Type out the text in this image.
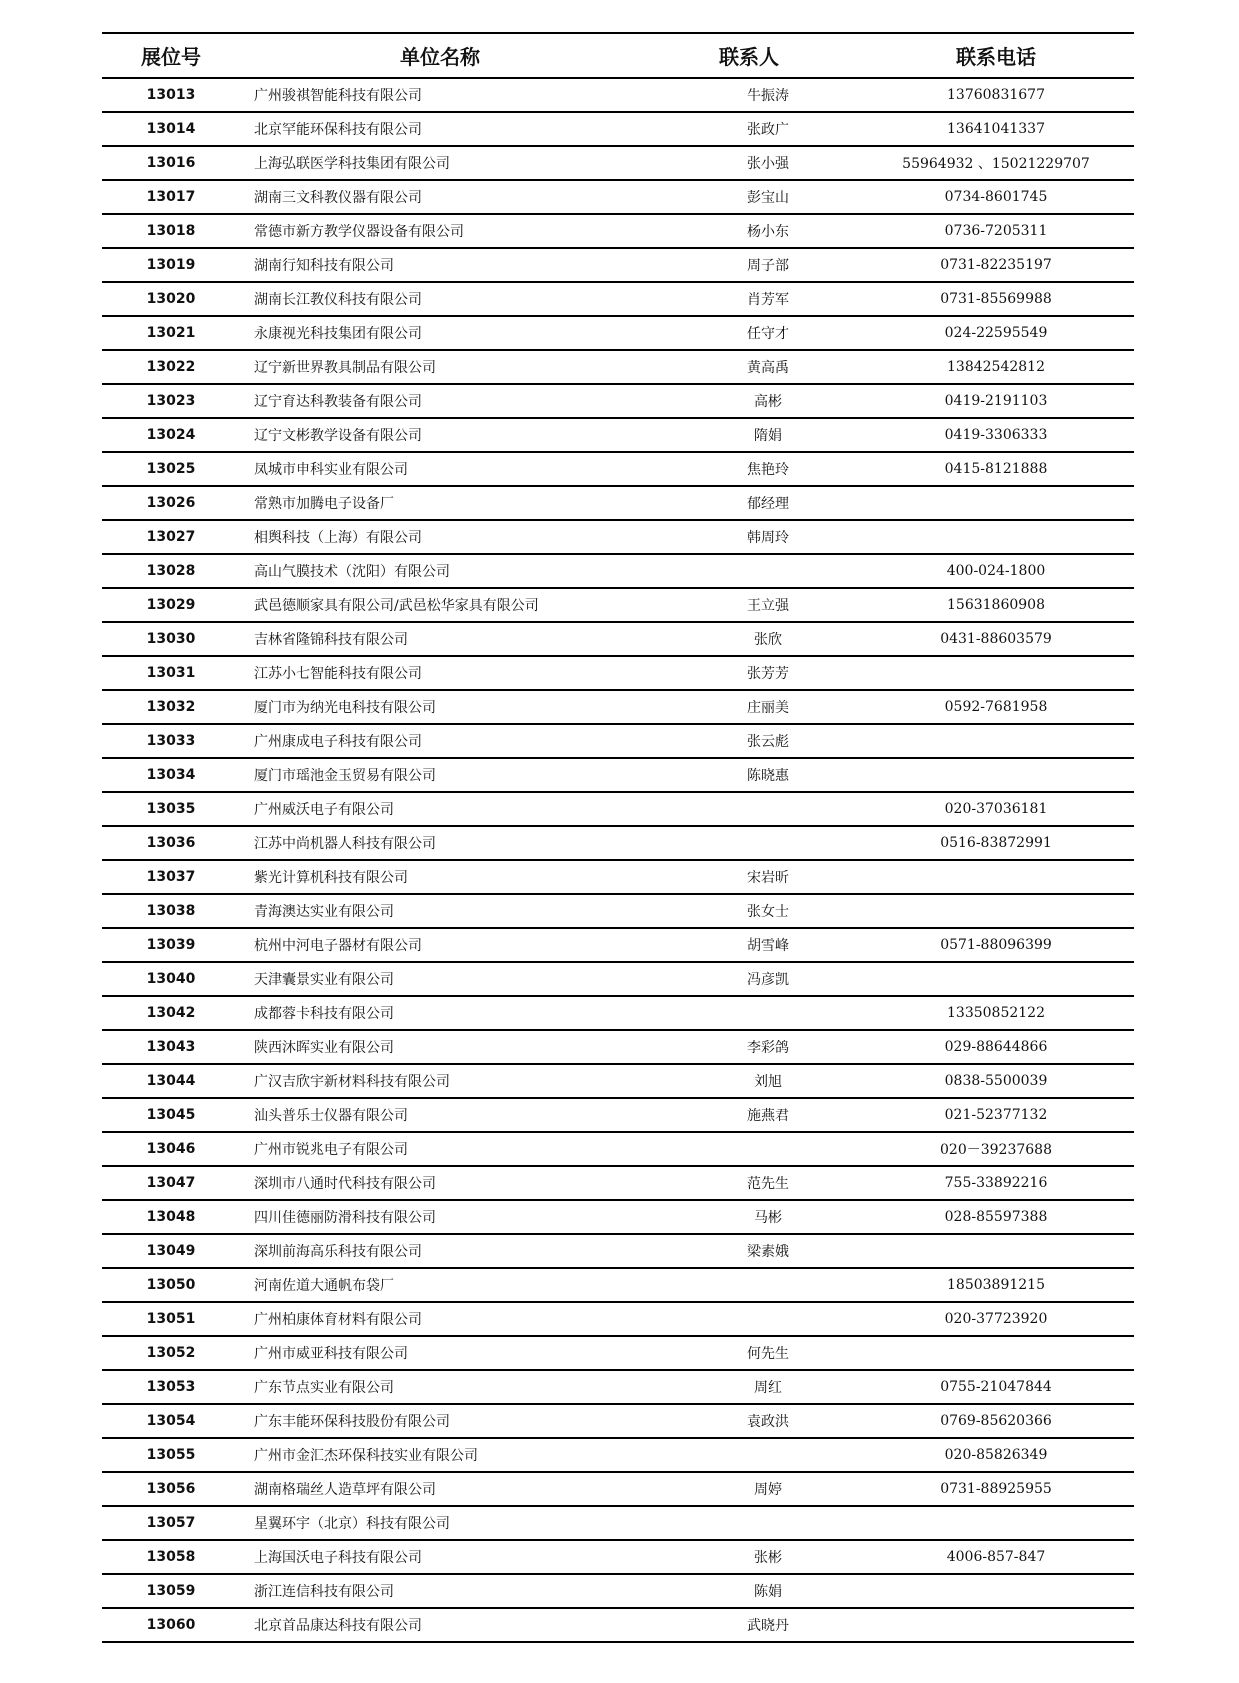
展位号	单位名称	联系人	联系电话
13013	广州骏祺智能科技有限公司	牛振涛	13760831677
13014	北京罕能环保科技有限公司	张政广	13641041337
13016	上海弘联医学科技集团有限公司	张小强	55964932 、15021229707
13017	湖南三文科教仪器有限公司	彭宝山	0734-8601745
13018	常德市新方教学仪器设备有限公司	杨小东	0736-7205311
13019	湖南行知科技有限公司	周子部	0731-82235197
13020	湖南长江教仪科技有限公司	肖芳军	0731-85569988
13021	永康视光科技集团有限公司	任守才	024-22595549
13022	辽宁新世界教具制品有限公司	黄高禹	13842542812
13023	辽宁育达科教装备有限公司	高彬	0419-2191103
13024	辽宁文彬教学设备有限公司	隋娟	0419-3306333
13025	凤城市申科实业有限公司	焦艳玲	0415-8121888
13026	常熟市加腾电子设备厂	郁经理	
13027	相舆科技（上海）有限公司	韩周玲	
13028	高山气膜技术（沈阳）有限公司		400-024-1800
13029	武邑德顺家具有限公司/武邑松华家具有限公司	王立强	15631860908
13030	吉林省隆锦科技有限公司	张欣	0431-88603579
13031	江苏小七智能科技有限公司	张芳芳	
13032	厦门市为纳光电科技有限公司	庄丽美	0592-7681958
13033	广州康成电子科技有限公司	张云彪	
13034	厦门市瑶池金玉贸易有限公司	陈晓惠	
13035	广州威沃电子有限公司		020-37036181
13036	江苏中尚机器人科技有限公司		0516-83872991
13037	紫光计算机科技有限公司	宋岩昕	
13038	青海澳达实业有限公司	张女士	
13039	杭州中河电子器材有限公司	胡雪峰	0571-88096399
13040	天津囊景实业有限公司	冯彦凯	
13042	成都蓉卡科技有限公司		13350852122
13043	陕西沐晖实业有限公司	李彩鸽	029-88644866
13044	广汉吉欣宇新材料科技有限公司	刘旭	0838-5500039
13045	汕头普乐士仪器有限公司	施燕君	021-52377132
13046	广州市锐兆电子有限公司		020－39237688
13047	深圳市八通时代科技有限公司	范先生	755-33892216
13048	四川佳德丽防滑科技有限公司	马彬	028-85597388
13049	深圳前海高乐科技有限公司	梁素娥	
13050	河南佐道大通帆布袋厂		18503891215
13051	广州柏康体育材料有限公司		020-37723920
13052	广州市威亚科技有限公司	何先生	
13053	广东节点实业有限公司	周红	0755-21047844
13054	广东丰能环保科技股份有限公司	袁政洪	0769-85620366
13055	广州市金汇杰环保科技实业有限公司		020-85826349
13056	湖南格瑞丝人造草坪有限公司	周婷	0731-88925955
13057	星翼环宇（北京）科技有限公司		
13058	上海国沃电子科技有限公司	张彬	4006-857-847
13059	浙江连信科技有限公司	陈娟	
13060	北京首品康达科技有限公司	武晓丹	
